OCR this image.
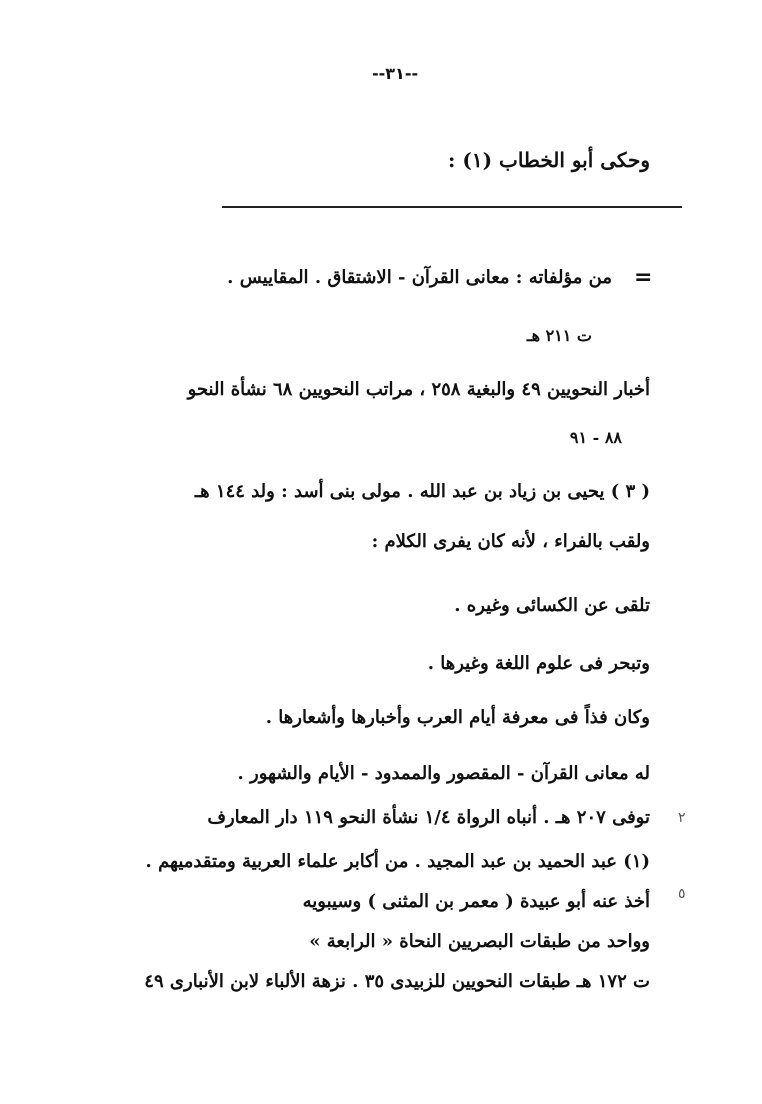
--٣١--
وحكى أبو الخطاب (١) :
=
من مؤلفاته : معانى القرآن - الاشتقاق . المقاييس .
ت ٢١١ هـ
أخبار النحويين ٤٩ والبغية ٢٥٨ ، مراتب النحويين ٦٨ نشأة النحو
٨٨ - ٩١
( ٣ ) يحيى بن زياد بن عبد الله . مولى بنى أسد : ولد ١٤٤ هـ
ولقب بالفراء ، لأنه كان يفرى الكلام :
تلقى عن الكسائى وغيره .
وتبحر فى علوم اللغة وغيرها .
وكان فذاً فى معرفة أيام العرب وأخبارها وأشعارها .
له معانى القرآن - المقصور والممدود - الأيام والشهور .
توفى ٢٠٧ هـ . أنباه الرواة ١/٤ نشأة النحو ١١٩ دار المعارف ٢
(١) عبد الحميد بن عبد المجيد . من أكابر علماء العربية ومتقدميهم .
٥
أخذ عنه أبو عبيدة ( معمر بن المثنى ) وسيبويه
وواحد من طبقات البصريين النحاة « الرابعة »
ت ١٧٢ هـ طبقات النحويين للزبيدى ٣٥ . نزهة الألباء لابن الأنبارى ٤٩
